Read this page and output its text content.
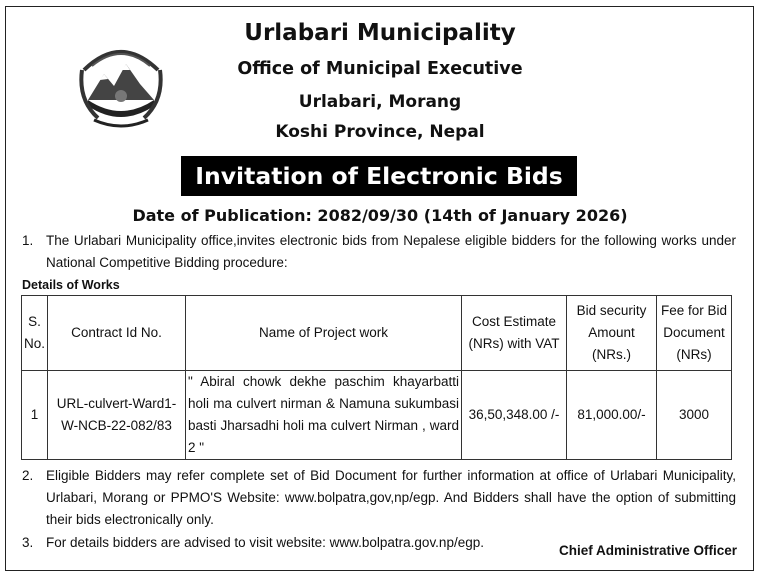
Urlabari Municipality
Office of Municipal Executive
Urlabari, Morang
Koshi Province, Nepal
Invitation of Electronic Bids
Date of Publication: 2082/09/30 (14th of January 2026)
1. The Urlabari Municipality office,invites electronic bids from Nepalese eligible bidders for the following works under National Competitive Bidding procedure:
Details of Works
S. No.	Contract Id No.	Name of Project work	Cost Estimate (NRs) with VAT	Bid security Amount (NRs.)	Fee for Bid Document (NRs)
1	URL-culvert-Ward1-W-NCB-22-082/83	" Abiral chowk dekhe paschim khayarbatti holi ma culvert nirman & Namuna sukumbasi basti Jharsadhi holi ma culvert Nirman , ward 2 "	36,50,348.00 /-	81,000.00/-	3000
2. Eligible Bidders may refer complete set of Bid Document for further information at office of Urlabari Municipality, Urlabari, Morang or PPMO'S Website: www.bolpatra,gov,np/egp. And Bidders shall have the option of submitting their bids electronically only.
3. For details bidders are advised to visit website: www.bolpatra.gov.np/egp.
Chief Administrative Officer
